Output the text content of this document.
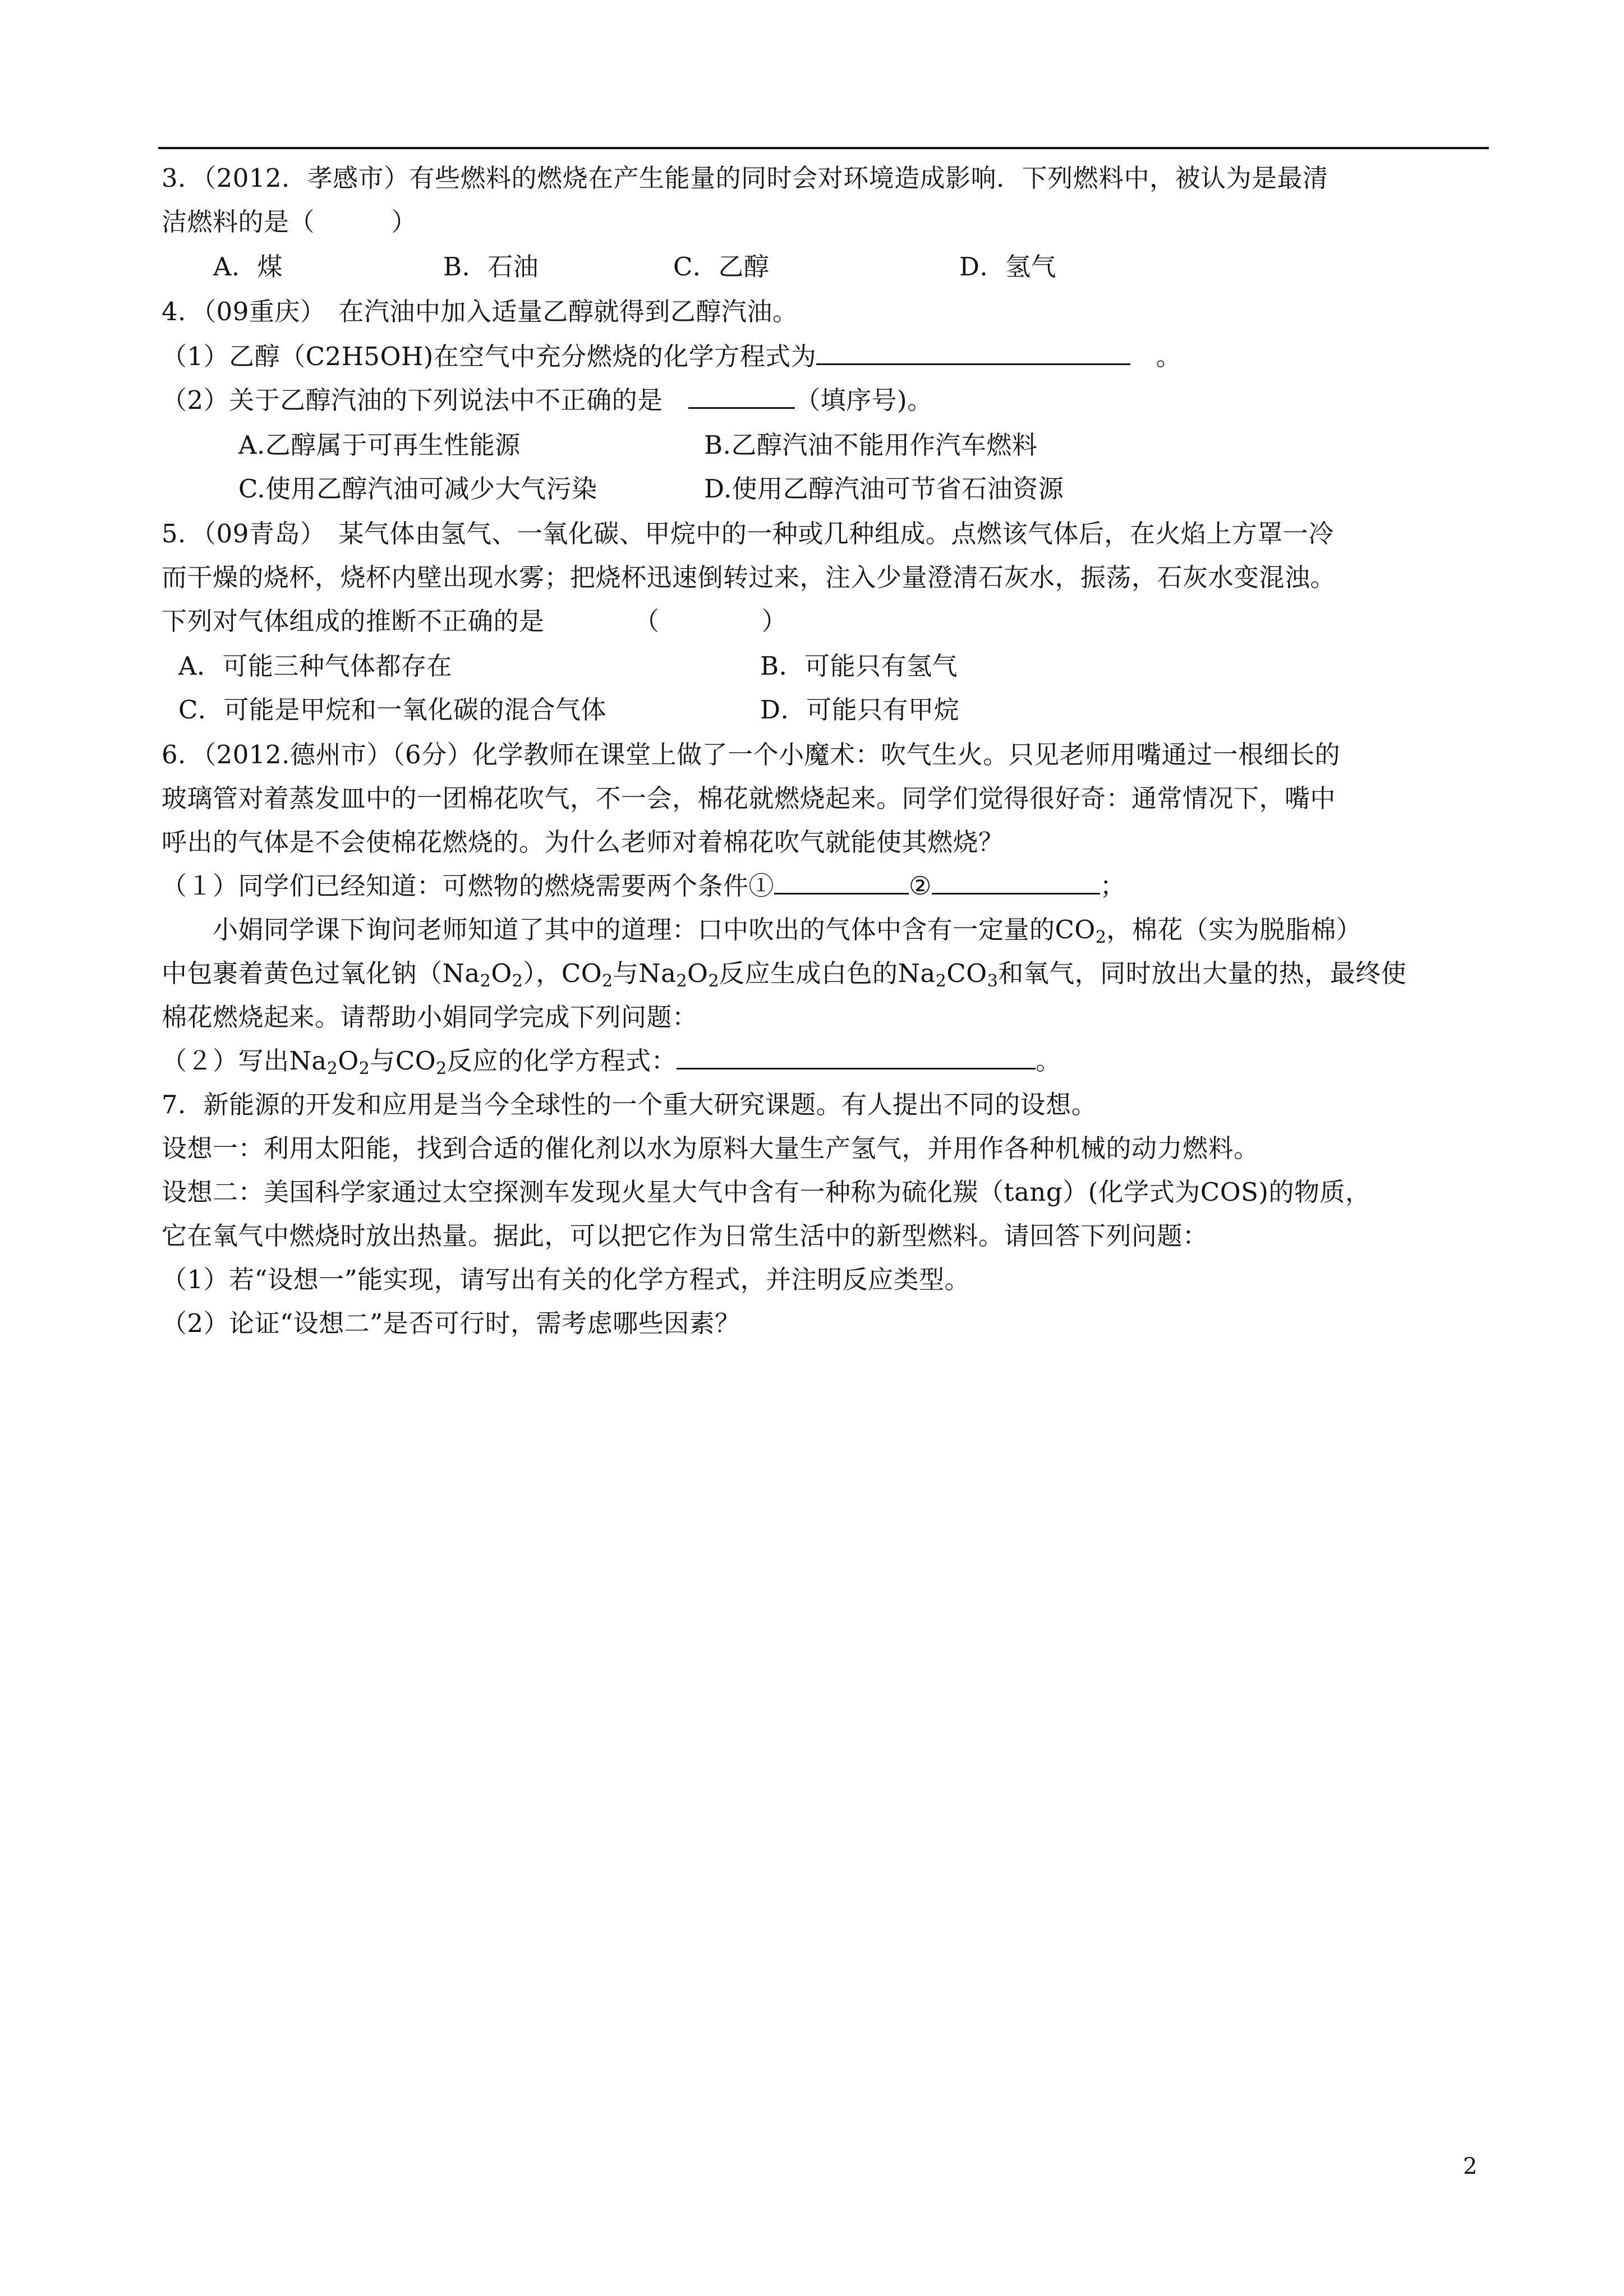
3．（2012．孝感市）有些燃料的燃烧在产生能量的同时会对环境造成影响．下列燃料中，被认为是最清
洁燃料的是（　　　）
A．煤	B．石油	C．乙醇	D．氢气
4．（09重庆）　在汽油中加入适量乙醇就得到乙醇汽油。
（1）乙醇（C2H5OH)在空气中充分燃烧的化学方程式为	　。
（2）关于乙醇汽油的下列说法中不正确的是　	（填序号)。
A.乙醇属于可再生性能源	B.乙醇汽油不能用作汽车燃料
C.使用乙醇汽油可减少大气污染	D.使用乙醇汽油可节省石油资源
5．（09青岛）　某气体由氢气、一氧化碳、甲烷中的一种或几种组成。点燃该气体后，在火焰上方罩一冷
而干燥的烧杯，烧杯内壁出现水雾；把烧杯迅速倒转过来，注入少量澄清石灰水，振荡，石灰水变混浊。
下列对气体组成的推断不正确的是　　　　（　　　　）
A．可能三种气体都存在	B．可能只有氢气
C．可能是甲烷和一氧化碳的混合气体	D．可能只有甲烷
6．（2012.德州市）（6分）化学教师在课堂上做了一个小魔术：吹气生火。只见老师用嘴通过一根细长的
玻璃管对着蒸发皿中的一团棉花吹气，不一会，棉花就燃烧起来。同学们觉得很好奇：通常情况下，嘴中
呼出的气体是不会使棉花燃烧的。为什么老师对着棉花吹气就能使其燃烧？
（１）同学们已经知道：可燃物的燃烧需要两个条件①	②	；
　　小娟同学课下询问老师知道了其中的道理：口中吹出的气体中含有一定量的$CO_2$，棉花（实为脱脂棉）
中包裹着黄色过氧化钠$(Na_2O_2)$，$CO_2$与$Na_2O_2$反应生成白色的$Na_2CO_3$和氧气，同时放出大量的热，最终使
棉花燃烧起来。请帮助小娟同学完成下列问题：
（２）写出$Na_2O_2$与$CO_2$反应的化学方程式：	。
7．新能源的开发和应用是当今全球性的一个重大研究课题。有人提出不同的设想。
设想一：利用太阳能，找到合适的催化剂以水为原料大量生产氢气，并用作各种机械的动力燃料。
设想二：美国科学家通过太空探测车发现火星大气中含有一种称为硫化羰（tang）(化学式为COS)的物质，
它在氧气中燃烧时放出热量。据此，可以把它作为日常生活中的新型燃料。请回答下列问题：
（1）若“设想一”能实现，请写出有关的化学方程式，并注明反应类型。
（2）论证“设想二”是否可行时，需考虑哪些因素？
2
